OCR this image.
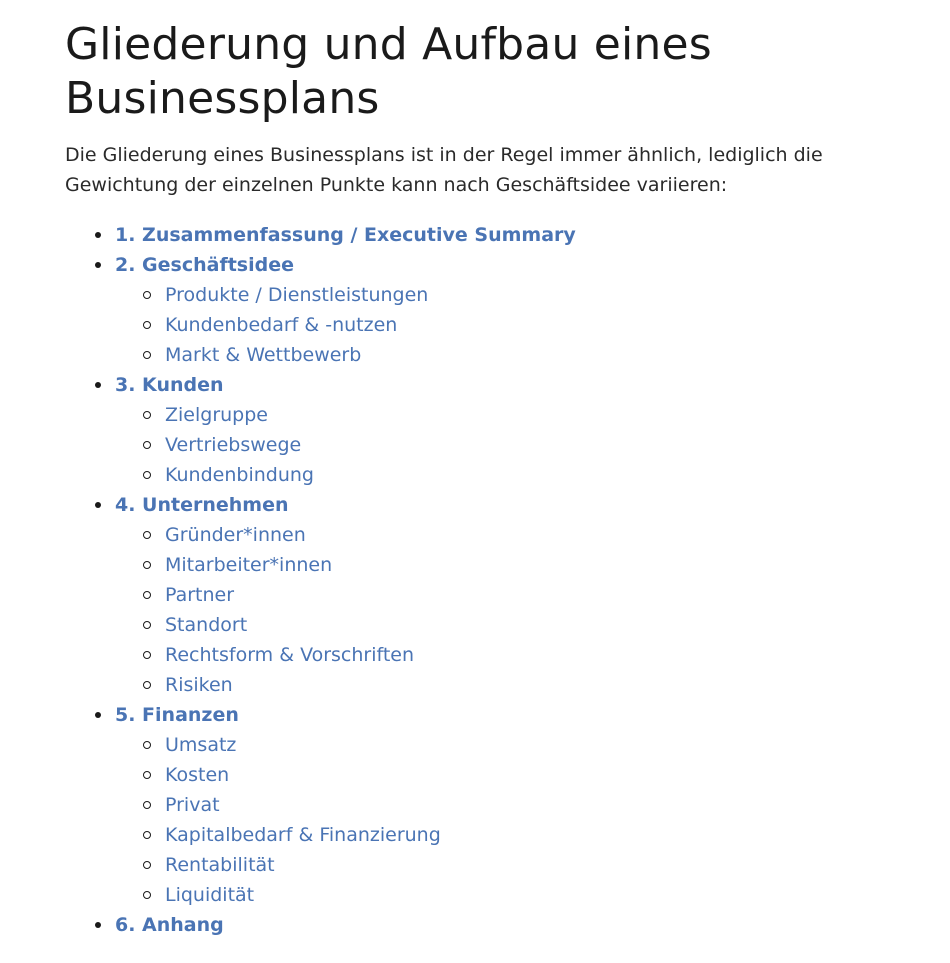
Gliederung und Aufbau eines Businessplans

Die Gliederung eines Businessplans ist in der Regel immer ähnlich, lediglich die Gewichtung der einzelnen Punkte kann nach Geschäftsidee variieren:

1. Zusammenfassung / Executive Summary
2. Geschäftsidee
Produkte / Dienstleistungen
Kundenbedarf & -nutzen
Markt & Wettbewerb
3. Kunden
Zielgruppe
Vertriebswege
Kundenbindung
4. Unternehmen
Gründer*innen
Mitarbeiter*innen
Partner
Standort
Rechtsform & Vorschriften
Risiken
5. Finanzen
Umsatz
Kosten
Privat
Kapitalbedarf & Finanzierung
Rentabilität
Liquidität
6. Anhang
